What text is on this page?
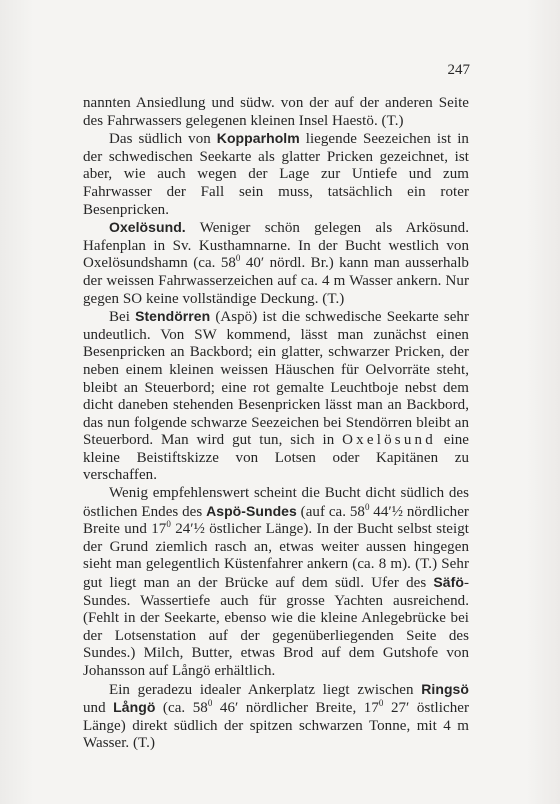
247

nannten Ansiedlung und südw. von der auf der anderen Seite des Fahrwassers gelegenen kleinen Insel Haestö. (T.)

Das südlich von Kopparholm liegende Seezeichen ist in der schwedischen Seekarte als glatter Pricken gezeichnet, ist aber, wie auch wegen der Lage zur Untiefe und zum Fahrwasser der Fall sein muss, tatsächlich ein roter Besenpricken.

Oxelösund. Weniger schön gelegen als Arkösund. Hafenplan in Sv. Kusthamnarne. In der Bucht westlich von Oxelösundshamn (ca. $58^0$ 40′ nördl. Br.) kann man ausserhalb der weissen Fahrwasserzeichen auf ca. 4 m Wasser ankern. Nur gegen SO keine vollständige Deckung. (T.)

Bei Stendörren (Aspö) ist die schwedische Seekarte sehr undeutlich. Von SW kommend, lässt man zunächst einen Besenpricken an Backbord; ein glatter, schwarzer Pricken, der neben einem kleinen weissen Häuschen für Oelvorräte steht, bleibt an Steuerbord; eine rot gemalte Leuchtboje nebst dem dicht daneben stehenden Besenpricken lässt man an Backbord, das nun folgende schwarze Seezeichen bei Stendörren bleibt an Steuerbord. Man wird gut tun, sich in Oxelösund eine kleine Beistiftskizze von Lotsen oder Kapitänen zu verschaffen.

Wenig empfehlenswert scheint die Bucht dicht südlich des östlichen Endes des Aspö-Sundes (auf ca. $58^0$ 44′½ nördlicher Breite und $17^0$ 24′½ östlicher Länge). In der Bucht selbst steigt der Grund ziemlich rasch an, etwas weiter aussen hingegen sieht man gelegentlich Küstenfahrer ankern (ca. 8 m). (T.) Sehr gut liegt man an der Brücke auf dem südl. Ufer des Säfö-Sundes. Wassertiefe auch für grosse Yachten ausreichend. (Fehlt in der Seekarte, ebenso wie die kleine Anlegebrücke bei der Lotsenstation auf der gegenüberliegenden Seite des Sundes.) Milch, Butter, etwas Brod auf dem Gutshofe von Johansson auf Långö erhältlich.

Ein geradezu idealer Ankerplatz liegt zwischen Ringsö und Långö (ca. $58^0$ 46′ nördlicher Breite, $17^0$ 27′ östlicher Länge) direkt südlich der spitzen schwarzen Tonne, mit 4 m Wasser. (T.)
